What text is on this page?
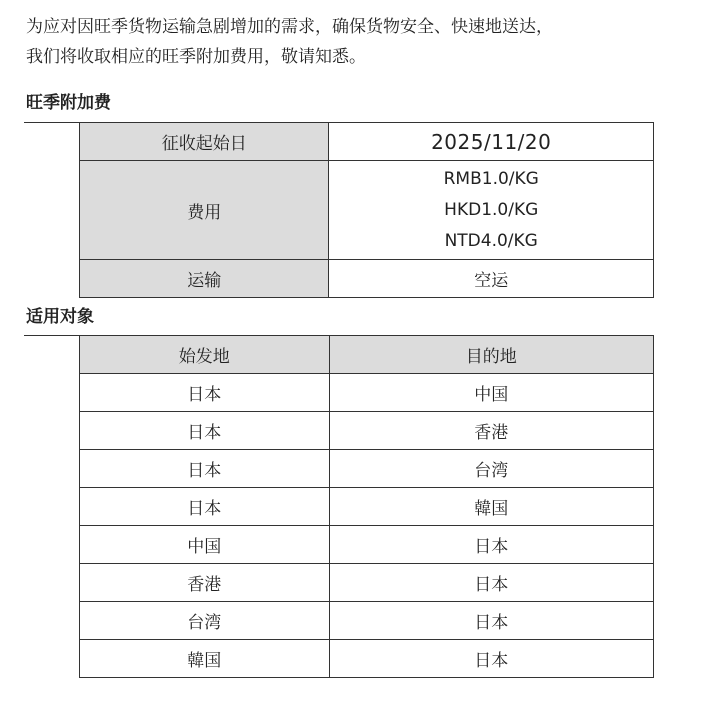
为应对因旺季货物运输急剧增加的需求，确保货物安全、快速地送达，
我们将收取相应的旺季附加费用，敬请知悉。
旺季附加费
征收起始日	2025/11/20
费用	RMB1.0/KG
HKD1.0/KG
NTD4.0/KG

运输	空运
适用对象
始发地	目的地
日本	中国
日本	香港
日本	台湾
日本	韓国
中国	日本
香港	日本
台湾	日本
韓国	日本
